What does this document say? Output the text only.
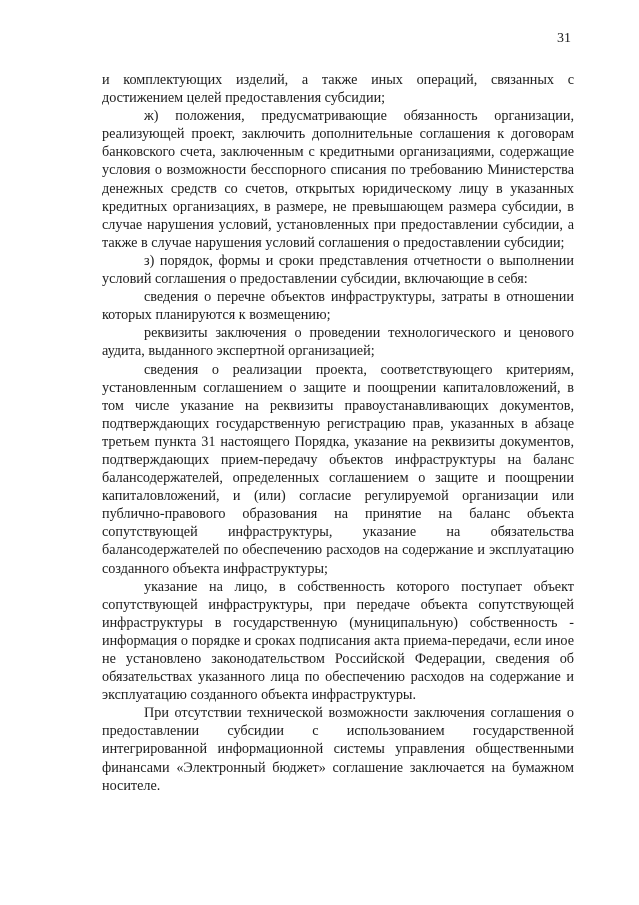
31

и комплектующих изделий, а также иных операций, связанных с достижением целей предоставления субсидии;

ж) положения, предусматривающие обязанность организации, реализующей проект, заключить дополнительные соглашения к договорам банковского счета, заключенным с кредитными организациями, содержащие условия о возможности бесспорного списания по требованию Министерства денежных средств со счетов, открытых юридическому лицу в указанных кредитных организациях, в размере, не превышающем размера субсидии, в случае нарушения условий, установленных при предоставлении субсидии, а также в случае нарушения условий соглашения о предоставлении субсидии;

з) порядок, формы и сроки представления отчетности о выполнении условий соглашения о предоставлении субсидии, включающие в себя:

сведения о перечне объектов инфраструктуры, затраты в отношении которых планируются к возмещению;

реквизиты заключения о проведении технологического и ценового аудита, выданного экспертной организацией;

сведения о реализации проекта, соответствующего критериям, установленным соглашением о защите и поощрении капиталовложений, в том числе указание на реквизиты правоустанавливающих документов, подтверждающих государственную регистрацию прав, указанных в абзаце третьем пункта 31 настоящего Порядка, указание на реквизиты документов, подтверждающих прием-передачу объектов инфраструктуры на баланс балансодержателей, определенных соглашением о защите и поощрении капиталовложений, и (или) согласие регулируемой организации или публично-правового образования на принятие на баланс объекта сопутствующей инфраструктуры, указание на обязательства балансодержателей по обеспечению расходов на содержание и эксплуатацию созданного объекта инфраструктуры;

указание на лицо, в собственность которого поступает объект сопутствующей инфраструктуры, при передаче объекта сопутствующей инфраструктуры в государственную (муниципальную) собственность - информация о порядке и сроках подписания акта приема-передачи, если иное не установлено законодательством Российской Федерации, сведения об обязательствах указанного лица по обеспечению расходов на содержание и эксплуатацию созданного объекта инфраструктуры.

При отсутствии технической возможности заключения соглашения о предоставлении субсидии с использованием государственной интегрированной информационной системы управления общественными финансами «Электронный бюджет» соглашение заключается на бумажном носителе.
